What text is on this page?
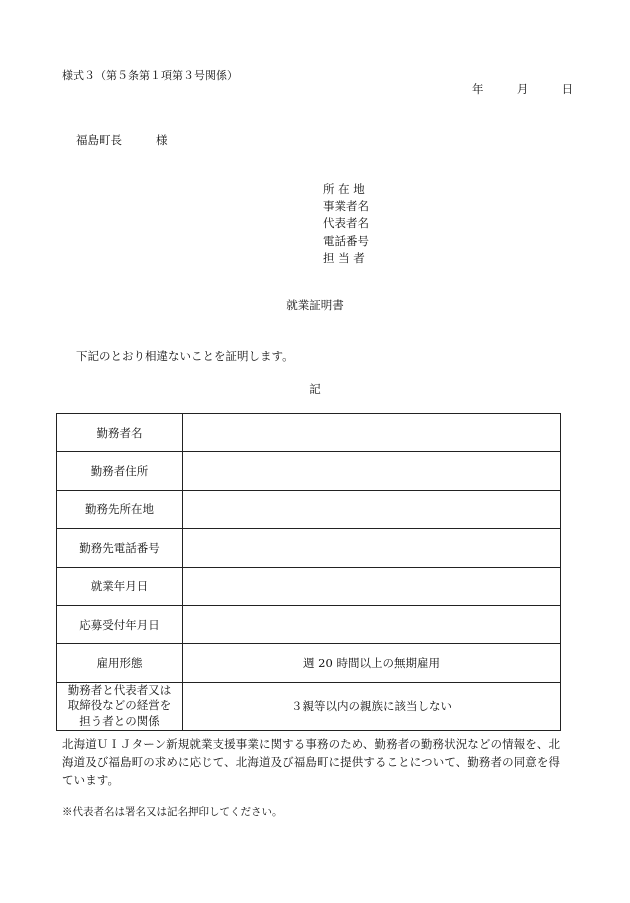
様式３（第５条第１項第３号関係）
年	月	日
福島町長	様
所 在 地
事業者名
代表者名
電話番号
担 当 者
就業証明書
下記のとおり相違ないことを証明します。
記
勤務者名	
勤務者住所	
勤務先所在地	
勤務先電話番号	
就業年月日	
応募受付年月日	
雇用形態	週 20 時間以上の無期雇用

勤務者と代表者又は
取締役などの経営を
担う者との関係	３親等以内の親族に該当しない
北海道ＵＩＪターン新規就業支援事業に関する事務のため、勤務者の勤務状況などの情報を、北海道及び福島町の求めに応じて、北海道及び福島町に提供することについて、勤務者の同意を得ています。
※代表者名は署名又は記名押印してください。
